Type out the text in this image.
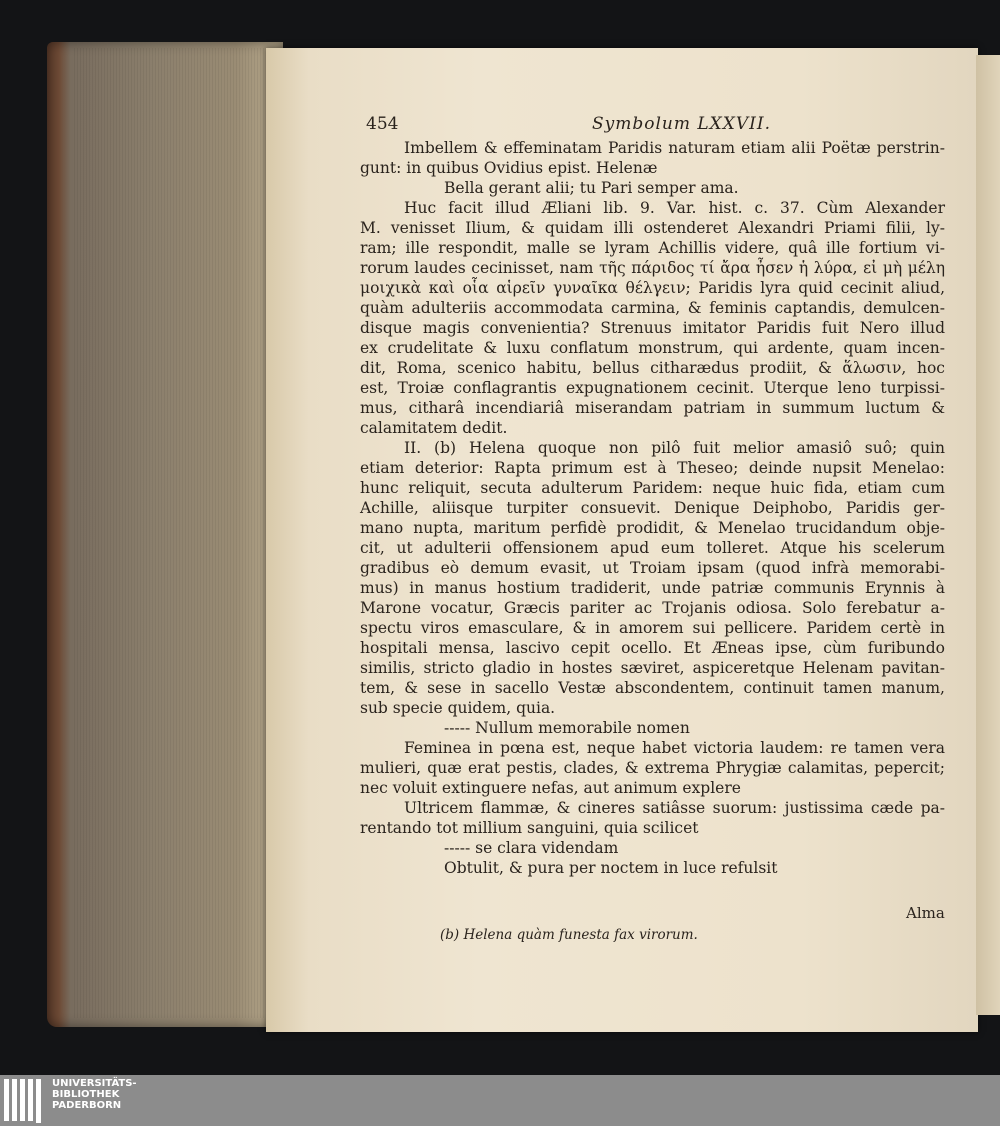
454	Symbolum LXXVII.
Imbellem & effeminatam Paridis naturam etiam alii Poëtæ perstrin-
gunt: in quibus Ovidius epist. Helenæ
Bella gerant alii; tu Pari semper ama.
Huc facit illud Æliani lib. 9. Var. hist. c. 37. Cùm Alexander
M. venisset Ilium, & quidam illi ostenderet Alexandri Priami filii, ly-
ram; ille respondit, malle se lyram Achillis videre, quâ ille fortium vi-
rorum laudes cecinisset, nam τῆς πάριδος τί ἄρα ἦσεν ἡ λύρα, εἰ μὴ μέλη
μοιχικὰ καὶ οἷα αἱρεῖν γυναῖκα θέλγειν; Paridis lyra quid cecinit aliud,
quàm adulteriis accommodata carmina, & feminis captandis, demulcen-
disque magis convenientia? Strenuus imitator Paridis fuit Nero illud
ex crudelitate & luxu conflatum monstrum, qui ardente, quam incen-
dit, Roma, scenico habitu, bellus citharædus prodiit, & ἅλωσιν, hoc
est, Troiæ conflagrantis expugnationem cecinit. Uterque leno turpissi-
mus, citharâ incendiariâ miserandam patriam in summum luctum &
calamitatem dedit.
II. (b) Helena quoque non pilô fuit melior amasiô suô; quin
etiam deterior: Rapta primum est à Theseo; deinde nupsit Menelao:
hunc reliquit, secuta adulterum Paridem: neque huic fida, etiam cum
Achille, aliisque turpiter consuevit. Denique Deiphobo, Paridis ger-
mano nupta, maritum perfidè prodidit, & Menelao trucidandum obje-
cit, ut adulterii offensionem apud eum tolleret. Atque his scelerum
gradibus eò demum evasit, ut Troiam ipsam (quod infrà memorabi-
mus) in manus hostium tradiderit, unde patriæ communis Erynnis à
Marone vocatur, Græcis pariter ac Trojanis odiosa. Solo ferebatur a-
spectu viros emasculare, & in amorem sui pellicere. Paridem certè in
hospitali mensa, lascivo cepit ocello. Et Æneas ipse, cùm furibundo
similis, stricto gladio in hostes sæviret, aspiceretque Helenam pavitan-
tem, & sese in sacello Vestæ abscondentem, continuit tamen manum,
sub specie quidem, quia.
----- Nullum memorabile nomen
Feminea in pœna est, neque habet victoria laudem: re tamen vera
mulieri, quæ erat pestis, clades, & extrema Phrygiæ calamitas, pepercit;
nec voluit extinguere nefas, aut animum explere
Ultricem flammæ, & cineres satiâsse suorum: justissima cæde pa-
rentando tot millium sanguini, quia scilicet
----- se clara videndam
Obtulit, & pura per noctem in luce refulsit
Alma
(b) Helena quàm funesta fax virorum.
UNIVERSITÄTS-
BIBLIOTHEK
PADERBORN
